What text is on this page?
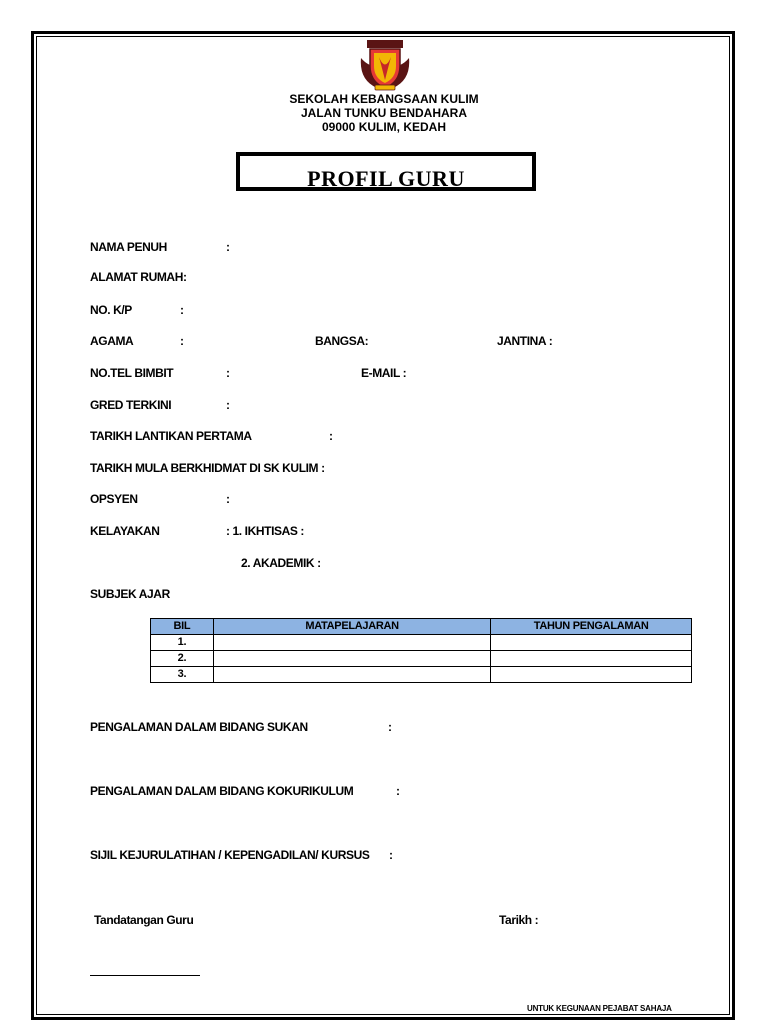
SEKOLAH KEBANGSAAN KULIM
JALAN TUNKU BENDAHARA
09000 KULIM, KEDAH
PROFIL GURU
NAMA PENUH	:
ALAMAT RUMAH:
NO. K/P	:
AGAMA	:	BANGSA:	JANTINA :
NO.TEL BIMBIT	:	E-MAIL :
GRED TERKINI	:
TARIKH LANTIKAN PERTAMA	:
TARIKH MULA BERKHIDMAT DI SK KULIM :
OPSYEN	:
KELAYAKAN	: 1. IKHTISAS :
2. AKADEMIK :
SUBJEK AJAR
BIL	MATAPELAJARAN	TAHUN PENGALAMAN
1.		
2.		
3.		
PENGALAMAN DALAM BIDANG SUKAN	:
PENGALAMAN DALAM BIDANG KOKURIKULUM	:
SIJIL KEJURULATIHAN / KEPENGADILAN/ KURSUS :
Tandatangan Guru	Tarikh :
UNTUK KEGUNAAN PEJABAT SAHAJA
